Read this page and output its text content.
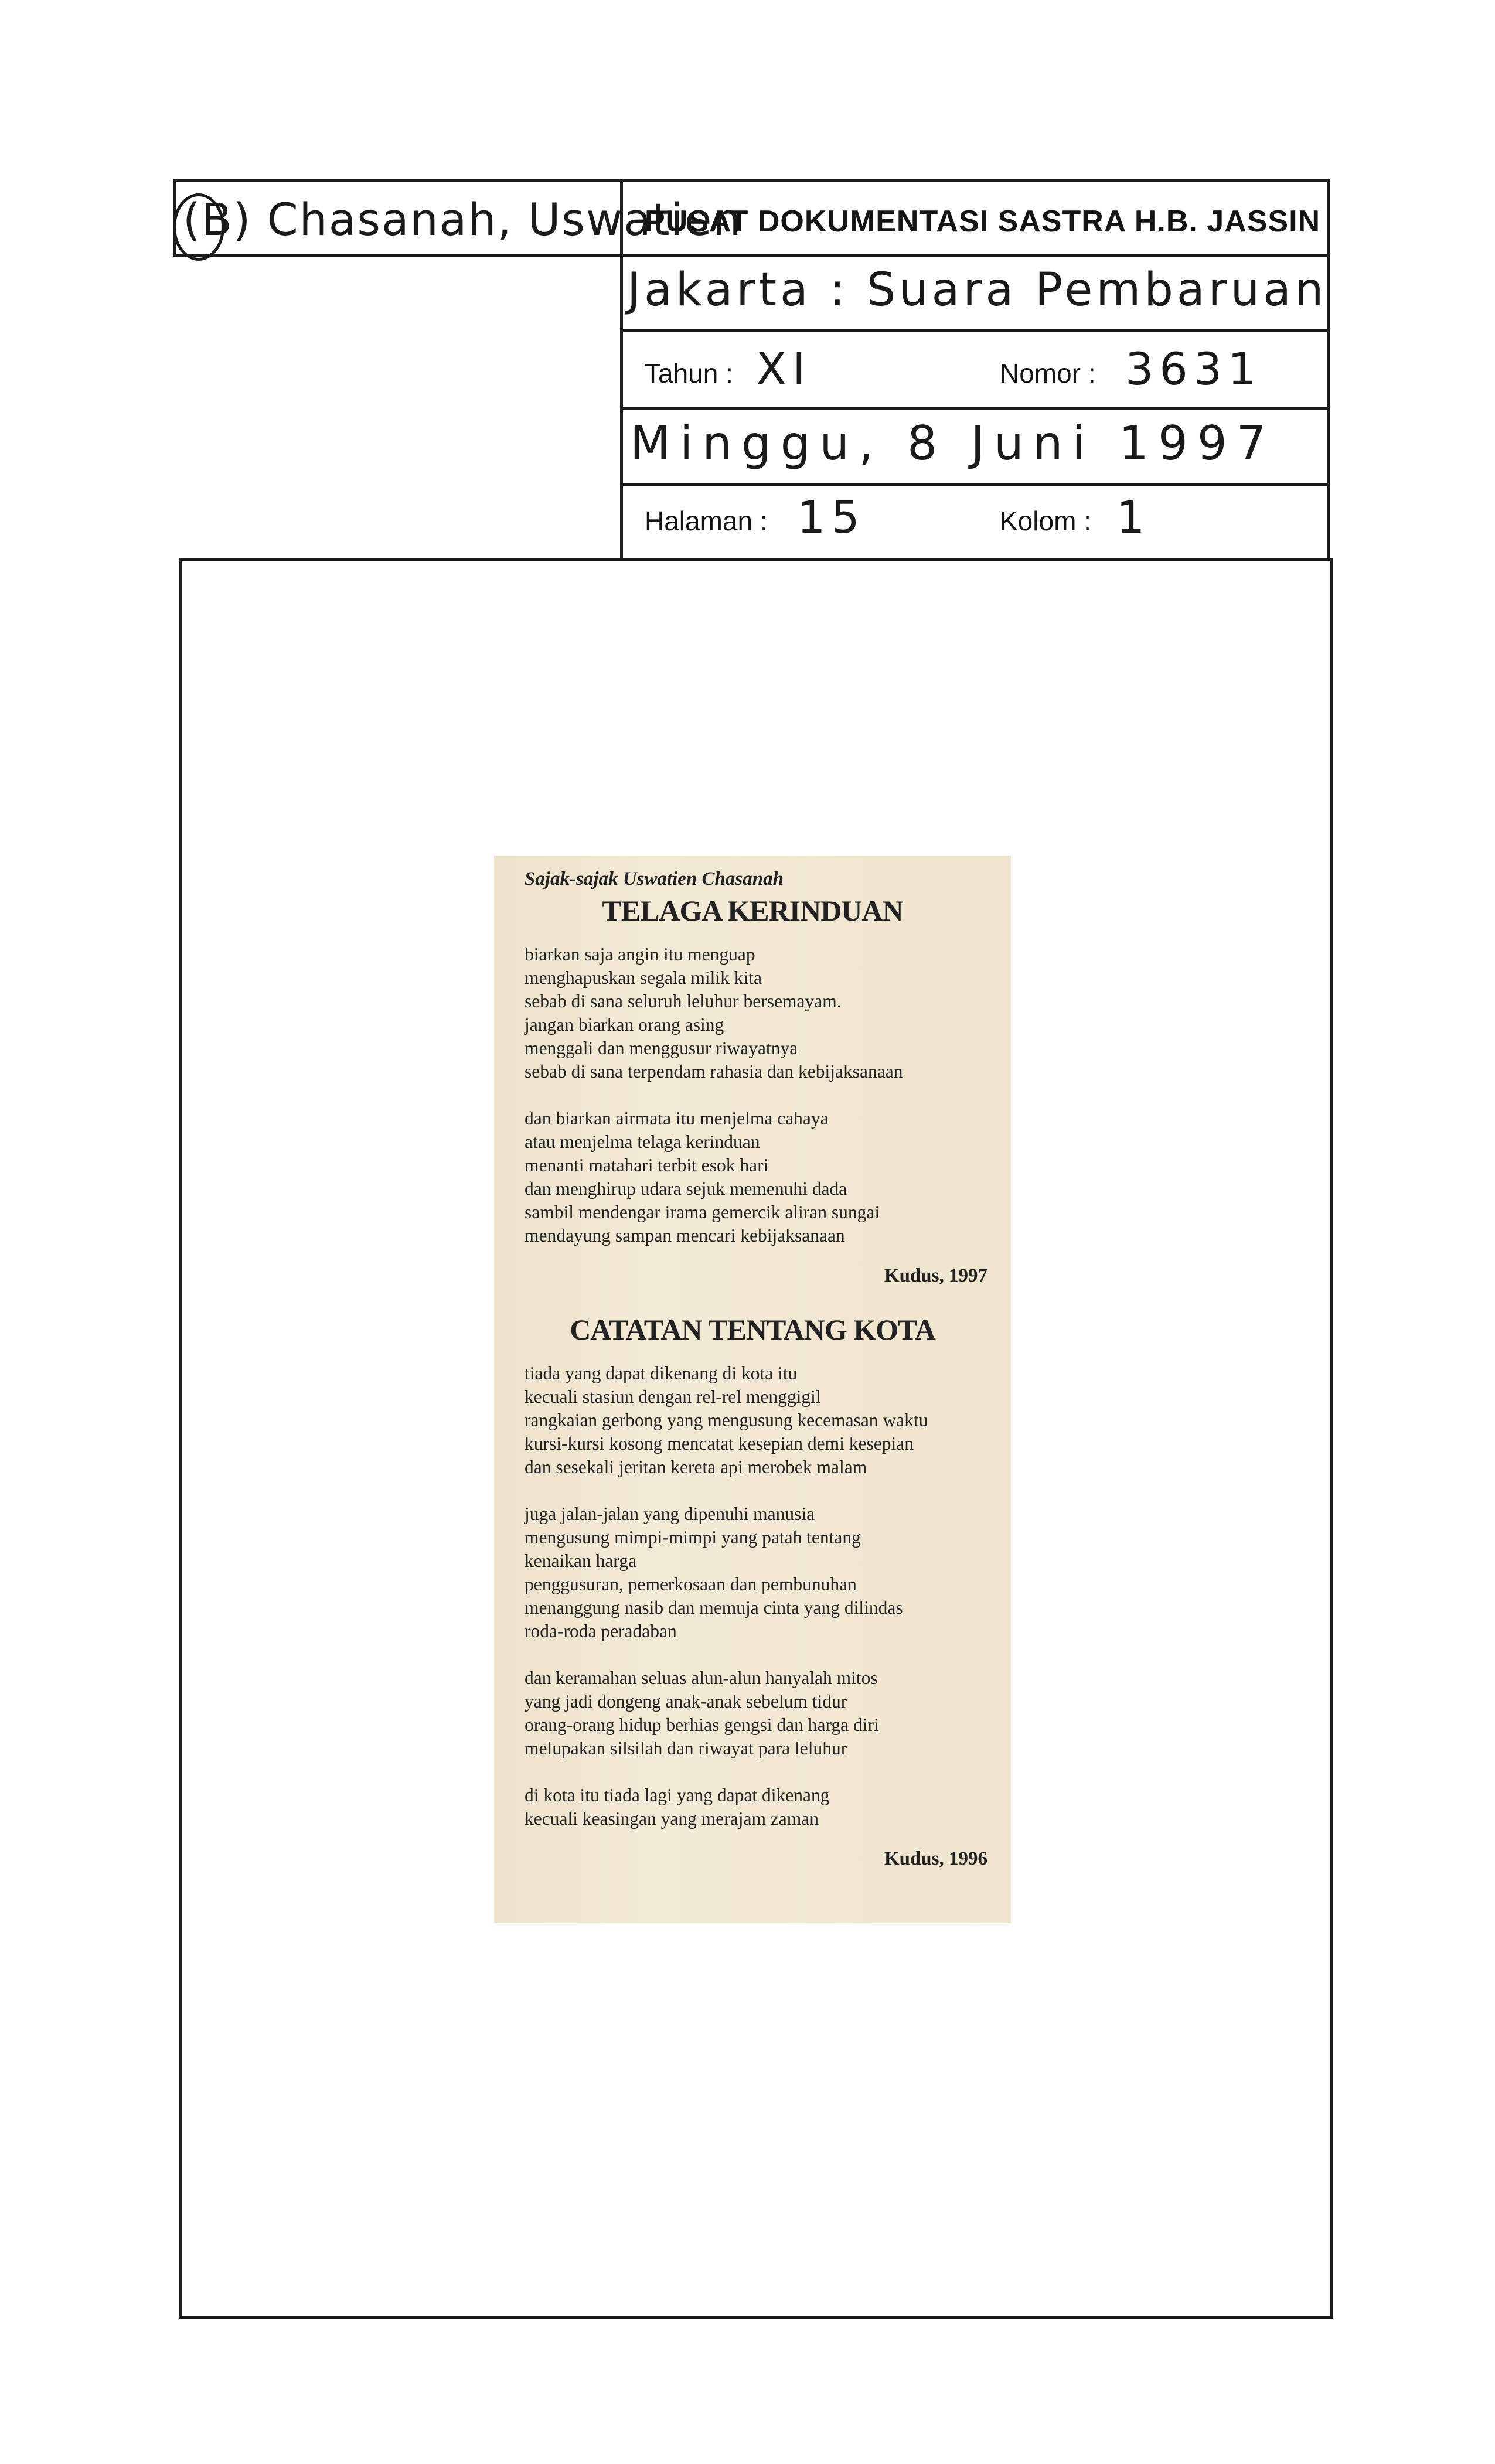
(B) Chasanah, Uswatien
PUSAT DOKUMENTASI SASTRA H.B. JASSIN
Jakarta : Suara Pembaruan
Tahun : XI	Nomor : 3631
Minggu, 8 Juni 1997
Halaman : 15	Kolom : 1
Sajak-sajak Uswatien Chasanah
TELAGA KERINDUAN
biarkan saja angin itu menguap
menghapuskan segala milik kita
sebab di sana seluruh leluhur bersemayam.
jangan biarkan orang asing
menggali dan menggusur riwayatnya
sebab di sana terpendam rahasia dan kebijaksanaan
dan biarkan airmata itu menjelma cahaya
atau menjelma telaga kerinduan
menanti matahari terbit esok hari
dan menghirup udara sejuk memenuhi dada
sambil mendengar irama gemercik aliran sungai
mendayung sampan mencari kebijaksanaan
Kudus, 1997
CATATAN TENTANG KOTA
tiada yang dapat dikenang di kota itu
kecuali stasiun dengan rel-rel menggigil
rangkaian gerbong yang mengusung kecemasan waktu
kursi-kursi kosong mencatat kesepian demi kesepian
dan sesekali jeritan kereta api merobek malam
juga jalan-jalan yang dipenuhi manusia
mengusung mimpi-mimpi yang patah tentang
kenaikan harga
penggusuran, pemerkosaan dan pembunuhan
menanggung nasib dan memuja cinta yang dilindas
roda-roda peradaban
dan keramahan seluas alun-alun hanyalah mitos
yang jadi dongeng anak-anak sebelum tidur
orang-orang hidup berhias gengsi dan harga diri
melupakan silsilah dan riwayat para leluhur
di kota itu tiada lagi yang dapat dikenang
kecuali keasingan yang merajam zaman
Kudus, 1996
